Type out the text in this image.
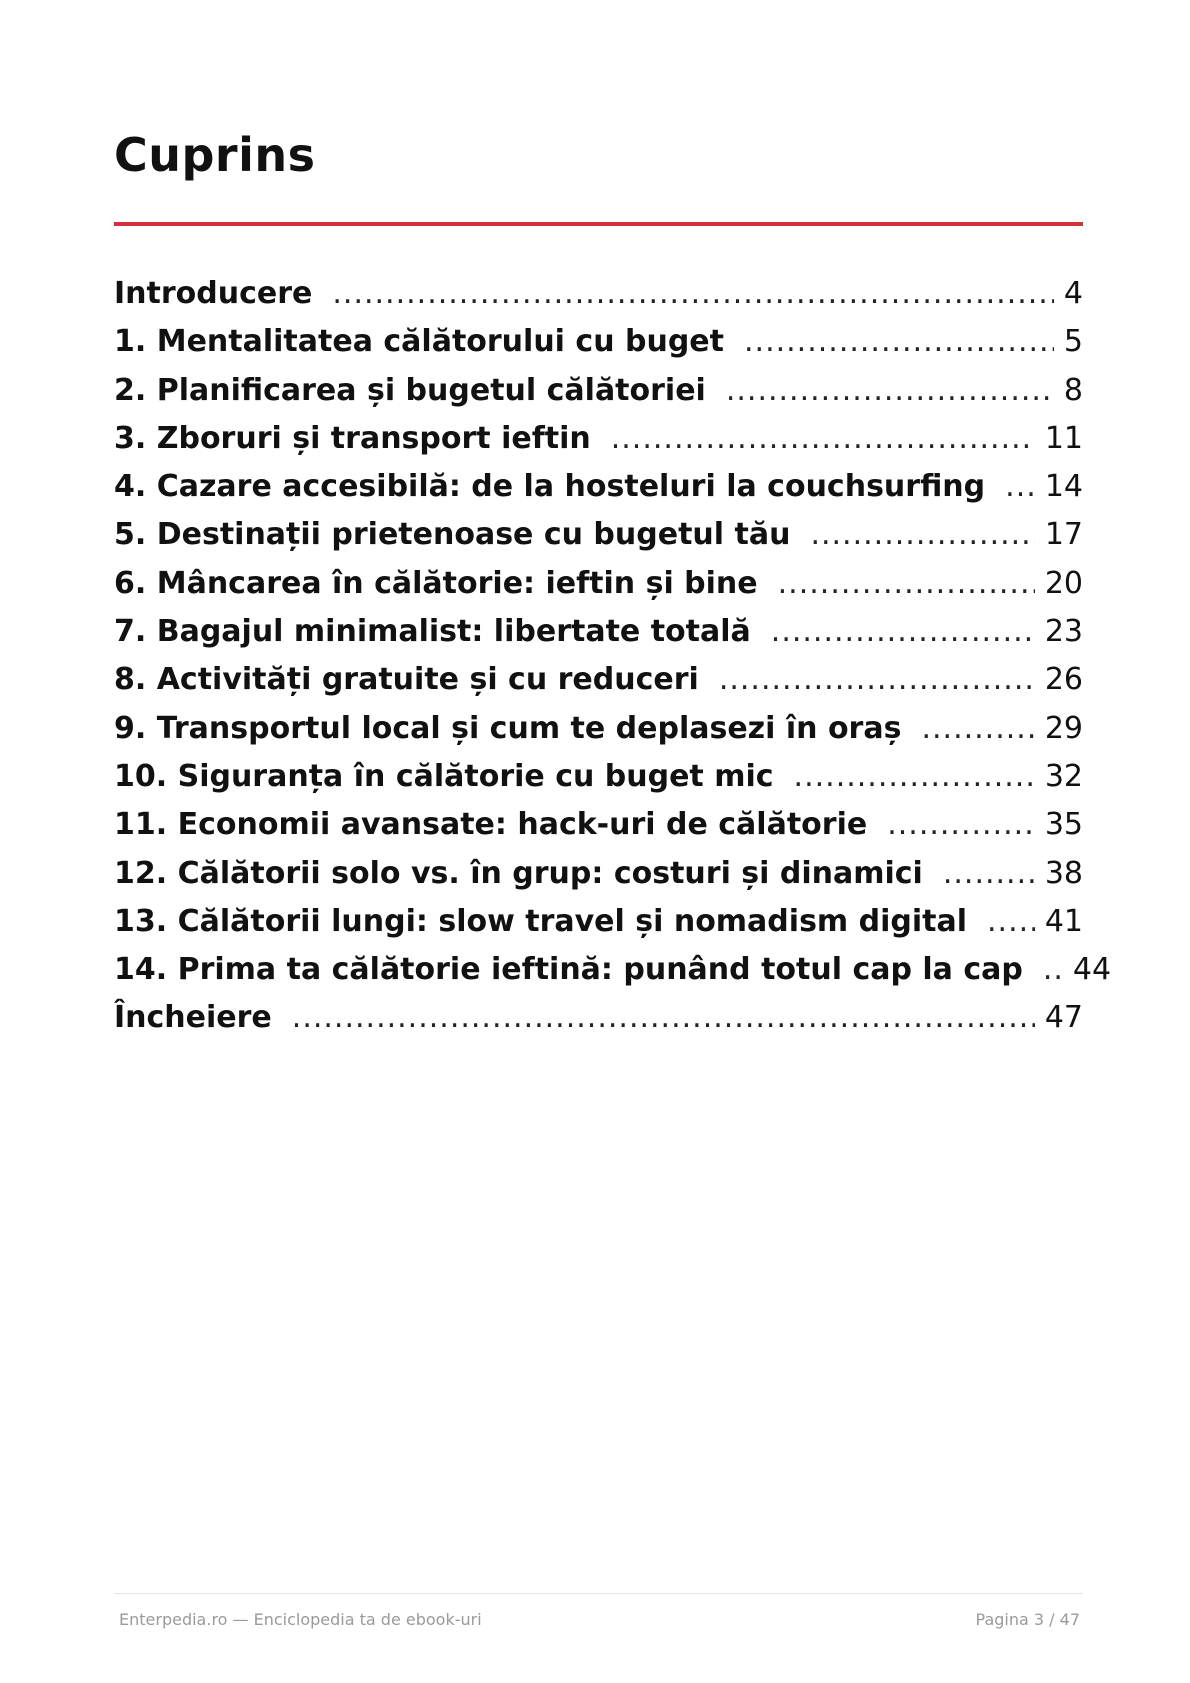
Cuprins
Introducere .....	4
1. Mentalitatea călătorului cu buget .....	5
2. Planificarea și bugetul călătoriei .....	8
3. Zboruri și transport ieftin .....	11
4. Cazare accesibilă: de la hosteluri la couchsurfing ..... 14
5. Destinații prietenoase cu bugetul tău .....	17
6. Mâncarea în călătorie: ieftin și bine .....	20
7. Bagajul minimalist: libertate totală .....	23
8. Activități gratuite și cu reduceri .....	26
9. Transportul local și cum te deplasezi în oraș .....	29
10. Siguranța în călătorie cu buget mic .....	32
11. Economii avansate: hack-uri de călătorie .....	35
12. Călătorii solo vs. în grup: costuri și dinamici .....	38
13. Călătorii lungi: slow travel și nomadism digital .....	41
14. Prima ta călătorie ieftină: punând totul cap la cap ..... 44
Încheiere .....	47
Enterpedia.ro — Enciclopedia ta de ebook-uri	Pagina 3 / 47
